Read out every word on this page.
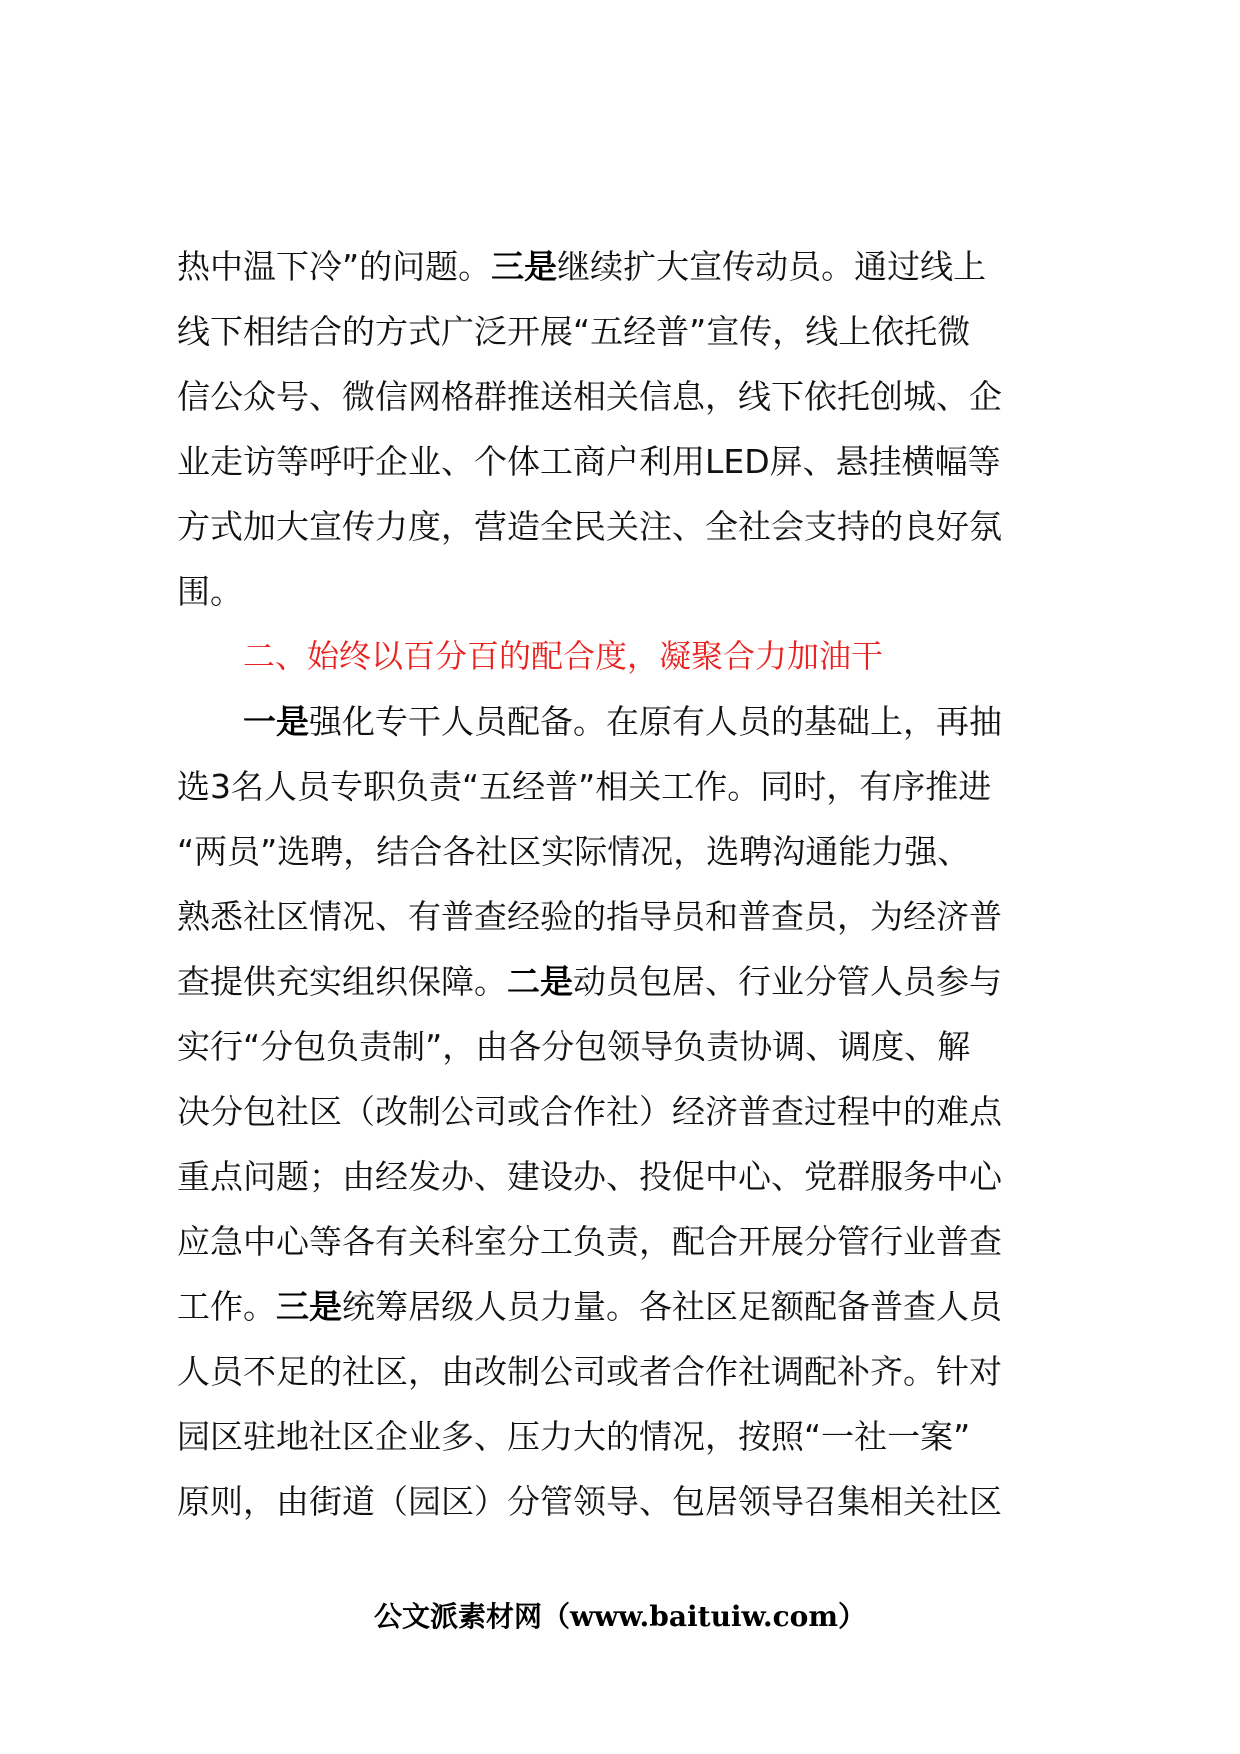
热中温下冷”的问题。三是继续扩大宣传动员。通过线上
线下相结合的方式广泛开展“五经普”宣传，线上依托微
信公众号、微信网格群推送相关信息，线下依托创城、企
业走访等呼吁企业、个体工商户利用LED屏、悬挂横幅等
方式加大宣传力度，营造全民关注、全社会支持的良好氛
围。
二、始终以百分百的配合度，凝聚合力加油干
一是强化专干人员配备。在原有人员的基础上，再抽
选3名人员专职负责“五经普”相关工作。同时，有序推进
“两员”选聘，结合各社区实际情况，选聘沟通能力强、
熟悉社区情况、有普查经验的指导员和普查员，为经济普
查提供充实组织保障。二是动员包居、行业分管人员参与
实行“分包负责制”，由各分包领导负责协调、调度、解
决分包社区（改制公司或合作社）经济普查过程中的难点
重点问题；由经发办、建设办、投促中心、党群服务中心
应急中心等各有关科室分工负责，配合开展分管行业普查
工作。三是统筹居级人员力量。各社区足额配备普查人员
人员不足的社区，由改制公司或者合作社调配补齐。针对
园区驻地社区企业多、压力大的情况，按照“一社一案”
原则，由街道（园区）分管领导、包居领导召集相关社区
公文派素材网（www.baituiw.com）
